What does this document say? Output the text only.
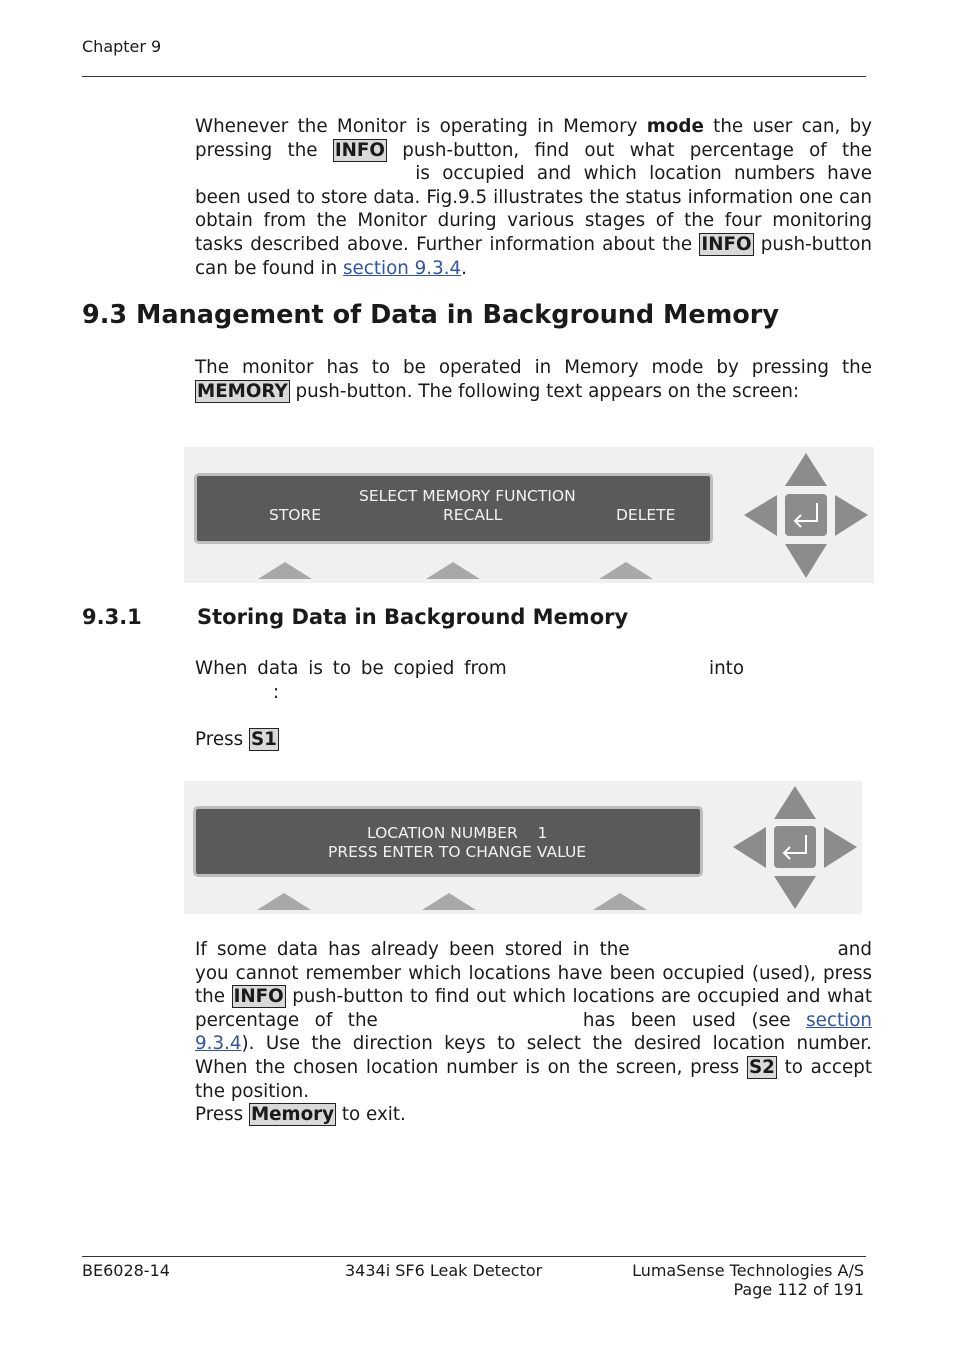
Chapter 9

Whenever the Monitor is operating in Memory mode the user can, by pressing the INFO push-button, find out what percentage of the  is occupied and which location numbers have been used to store data. Fig.9.5 illustrates the status information one can obtain from the Monitor during various stages of the four monitoring tasks described above. Further information about the INFO push-button can be found in section 9.3.4.

9.3 Management of Data in Background Memory

The monitor has to be operated in Memory mode by pressing the MEMORY push-button. The following text appears on the screen:

SELECT MEMORY FUNCTION
STORE	RECALL	DELETE
9.3.1	Storing Data in Background Memory
When data is to be copied from	into
:
Press S1
LOCATION NUMBER    1
PRESS ENTER TO CHANGE VALUE

If some data has already been stored in the	and you cannot remember which locations have been occupied (used), press the INFO push-button to find out which locations are occupied and what percentage of the	has been used (see section 9.3.4). Use the direction keys to select the desired location number. When the chosen location number is on the screen, press S2 to accept the position.

Press Memory to exit.

BE6028-14	3434i SF6 Leak Detector	LumaSense Technologies A/S
Page 112 of 191
